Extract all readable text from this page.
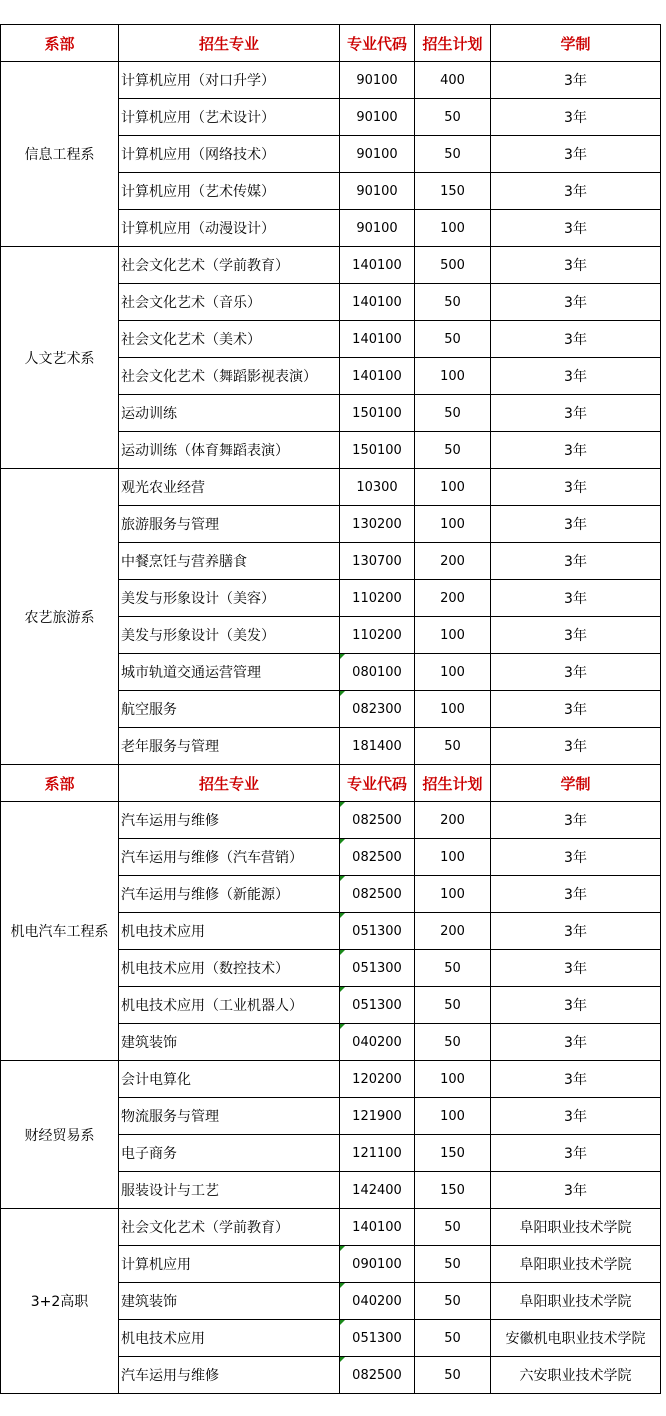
系部	招生专业	专业代码	招生计划	学制
信息工程系	计算机应用（对口升学）	90100	400	3年
	计算机应用（艺术设计）	90100	50	3年
	计算机应用（网络技术）	90100	50	3年
	计算机应用（艺术传媒）	90100	150	3年
	计算机应用（动漫设计）	90100	100	3年
人文艺术系	社会文化艺术（学前教育）	140100	500	3年
	社会文化艺术（音乐）	140100	50	3年
	社会文化艺术（美术）	140100	50	3年
	社会文化艺术（舞蹈影视表演）	140100	100	3年
	运动训练	150100	50	3年
	运动训练（体育舞蹈表演）	150100	50	3年
农艺旅游系	观光农业经营	10300	100	3年
	旅游服务与管理	130200	100	3年
	中餐烹饪与营养膳食	130700	200	3年
	美发与形象设计（美容）	110200	200	3年
	美发与形象设计（美发）	110200	100	3年
	城市轨道交通运营管理	080100	100	3年
	航空服务	082300	100	3年
	老年服务与管理	181400	50	3年
系部	招生专业	专业代码	招生计划	学制
机电汽车工程系	汽车运用与维修	082500	200	3年
	汽车运用与维修（汽车营销）	082500	100	3年
	汽车运用与维修（新能源）	082500	100	3年
	机电技术应用	051300	200	3年
	机电技术应用（数控技术）	051300	50	3年
	机电技术应用（工业机器人）	051300	50	3年
	建筑装饰	040200	50	3年
财经贸易系	会计电算化	120200	100	3年
	物流服务与管理	121900	100	3年
	电子商务	121100	150	3年
	服装设计与工艺	142400	150	3年
3+2高职	社会文化艺术（学前教育）	140100	50	阜阳职业技术学院
	计算机应用	090100	50	阜阳职业技术学院
	建筑装饰	040200	50	阜阳职业技术学院
	机电技术应用	051300	50	安徽机电职业技术学院
	汽车运用与维修	082500	50	六安职业技术学院
